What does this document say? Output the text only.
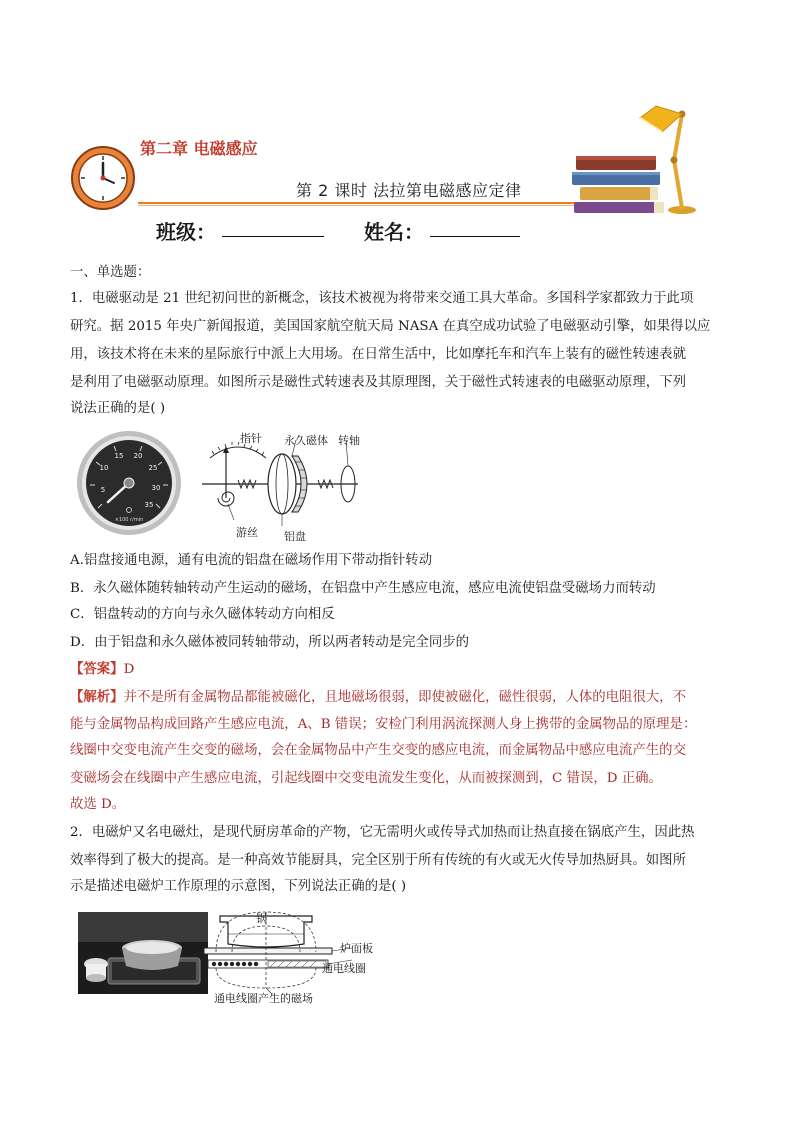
第二章 电磁感应
第 2 课时 法拉第电磁感应定律
班级：	姓名：
一、单选题：
1．电磁驱动是 21 世纪初问世的新概念，该技术被视为将带来交通工具大革命。多国科学家都致力于此项
研究。据 2015 年央广新闻报道，美国国家航空航天局 NASA 在真空成功试验了电磁驱动引擎，如果得以应
用，该技术将在未来的星际旅行中派上大用场。在日常生活中，比如摩托车和汽车上装有的磁性转速表就
是利用了电磁驱动原理。如图所示是磁性式转速表及其原理图，关于磁性式转速表的电磁驱动原理，下列
说法正确的是( )
5
10
15 20
25
30
35
×100 r/min
指针 永久磁体 转轴
游丝 铝盘
A.铝盘接通电源，通有电流的铝盘在磁场作用下带动指针转动
B．永久磁体随转轴转动产生运动的磁场，在铝盘中产生感应电流，感应电流使铝盘受磁场力而转动
C．铝盘转动的方向与永久磁体转动方向相反
D．由于铝盘和永久磁体被同转轴带动，所以两者转动是完全同步的
【答案】D
【解析】并不是所有金属物品都能被磁化，且地磁场很弱，即使被磁化，磁性很弱，人体的电阻很大，不
能与金属物品构成回路产生感应电流，A、B 错误；安检门利用涡流探测人身上携带的金属物品的原理是：
线圈中交变电流产生交变的磁场，会在金属物品中产生交变的感应电流，而金属物品中感应电流产生的交
变磁场会在线圈中产生感应电流，引起线圈中交变电流发生变化，从而被探测到，C 错误，D 正确。
故选 D。
2．电磁炉又名电磁灶，是现代厨房革命的产物，它无需明火或传导式加热而让热直接在锅底产生，因此热
效率得到了极大的提高。是一种高效节能厨具，完全区别于所有传统的有火或无火传导加热厨具。如图所
示是描述电磁炉工作原理的示意图，下列说法正确的是( )
锅
炉面板
通电线圈
通电线圈产生的磁场
